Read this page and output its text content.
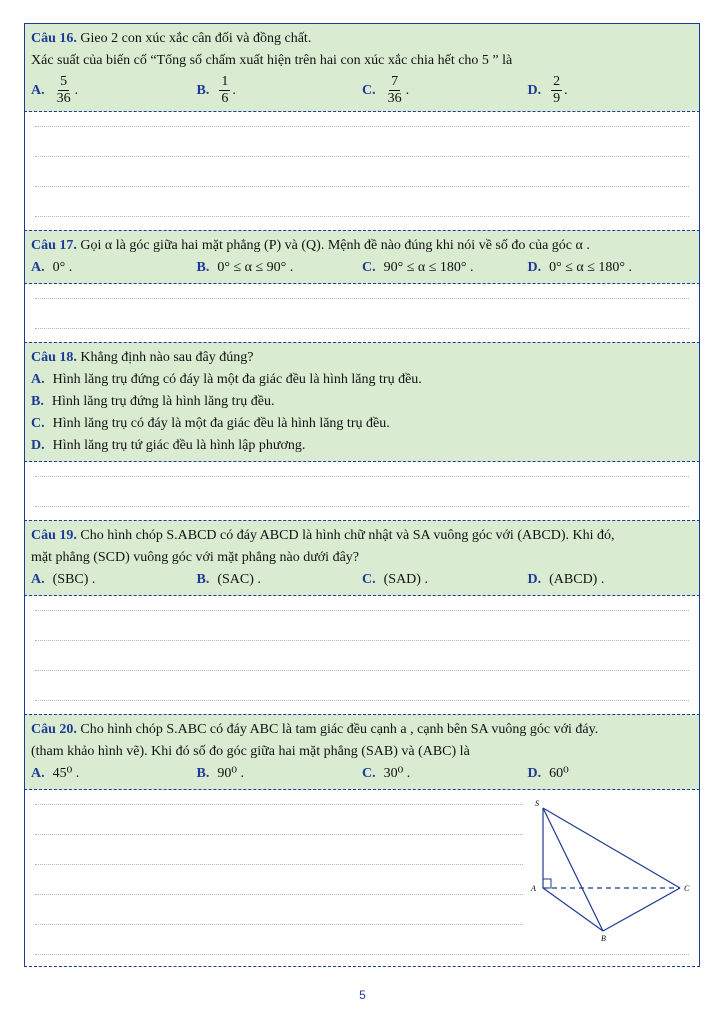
Câu 16. Gieo 2 con xúc xắc cân đối và đồng chất.
Xác suất của biến cố “Tổng số chấm xuất hiện trên hai con xúc xắc chia hết cho 5 ” là
A. $\frac{5}{36}$ .	B. $\frac{1}{6}$ .	C. $\frac{7}{36}$ .	D. $\frac{2}{9}$ .
Câu 17. Gọi α là góc giữa hai mặt phẳng (P) và (Q). Mệnh đề nào đúng khi nói về số đo của góc α .
A. 0° .	B. 0° ≤ α ≤ 90° .	C. 90° ≤ α ≤ 180° .	D. 0° ≤ α ≤ 180° .
Câu 18. Khẳng định nào sau đây đúng?
A. Hình lăng trụ đứng có đáy là một đa giác đều là hình lăng trụ đều.
B. Hình lăng trụ đứng là hình lăng trụ đều.
C. Hình lăng trụ có đáy là một đa giác đều là hình lăng trụ đều.
D. Hình lăng trụ tứ giác đều là hình lập phương.
Câu 19. Cho hình chóp S.ABCD có đáy ABCD là hình chữ nhật và SA vuông góc với (ABCD). Khi đó,
mặt phẳng (SCD) vuông góc với mặt phẳng nào dưới đây?
A. (SBC) .	B. (SAC) .	C. (SAD) .	D. (ABCD) .
Câu 20. Cho hình chóp S.ABC có đáy ABC là tam giác đều cạnh a , cạnh bên SA vuông góc với đáy.
(tham khảo hình vẽ). Khi đó số đo góc giữa hai mặt phẳng (SAB) và (ABC) là
A. 45⁰ .	B. 90⁰ .	C. 30⁰ .	D. 60⁰
S
A
B
C
5
